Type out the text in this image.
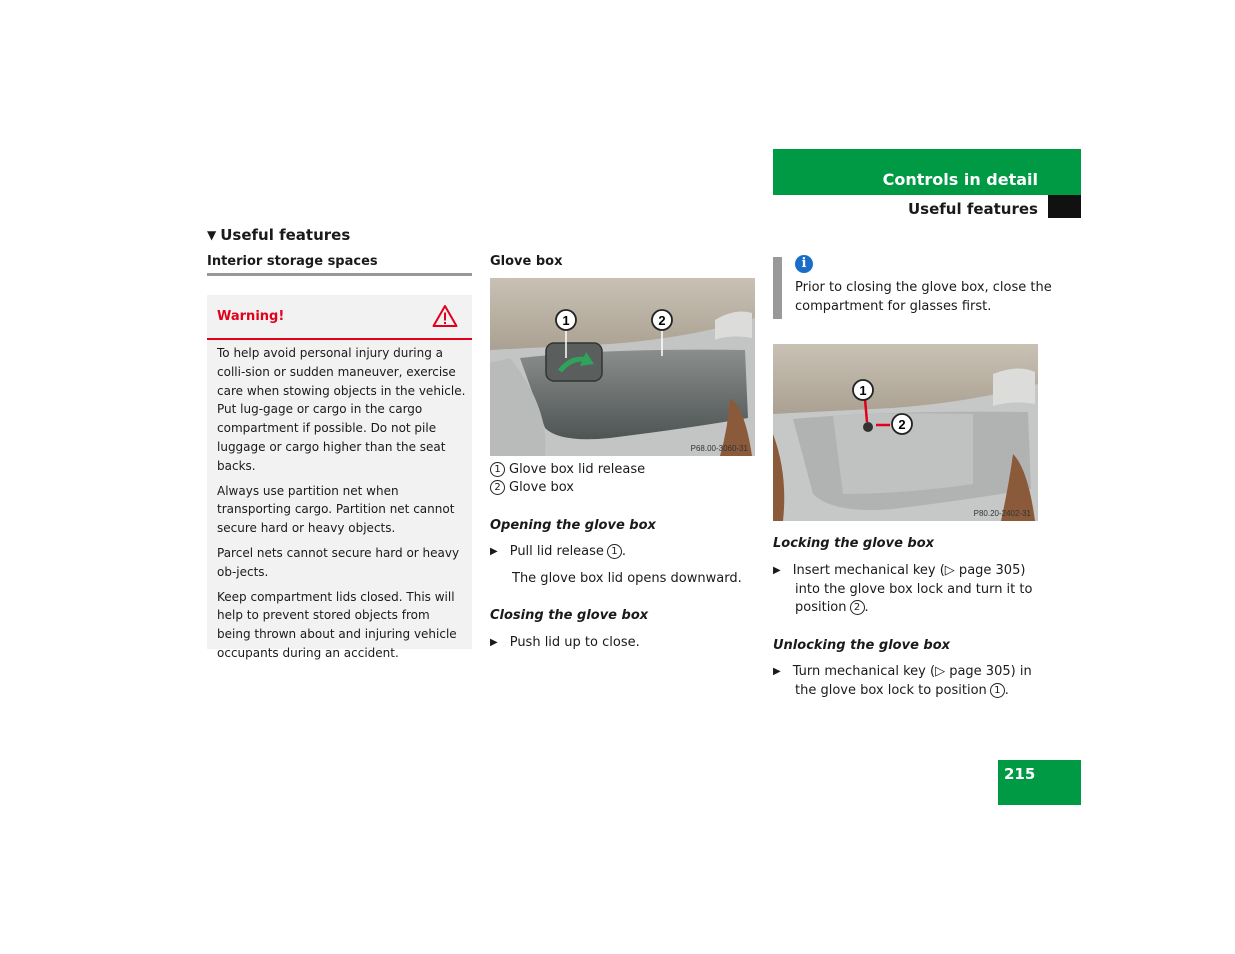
Controls in detail
Useful features
▼ Useful features
Interior storage spaces
Warning!

To help avoid personal injury during a colli-sion or sudden maneuver, exercise care when stowing objects in the vehicle. Put lug-gage or cargo in the cargo compartment if possible. Do not pile luggage or cargo higher than the seat backs.

Always use partition net when transporting cargo. Partition net cannot secure hard or heavy objects.

Parcel nets cannot secure hard or heavy ob-jects.

Keep compartment lids closed. This will help to prevent stored objects from being thrown about and injuring vehicle occupants during an accident.

Glove box
1	2
P68.00-3060-31
1 Glove box lid release
2 Glove box
Opening the glove box
▶ Pull lid release 1 .
The glove box lid opens downward.
Closing the glove box
▶ Push lid up to close.
i
Prior to closing the glove box, close the compartment for glasses first.
1
2
P80.20-2402-31
Locking the glove box
▶ Insert mechanical key (▷ page 305)
into the glove box lock and turn it to
position 2 .
Unlocking the glove box
▶ Turn mechanical key (▷ page 305) in
the glove box lock to position 1 .
215
